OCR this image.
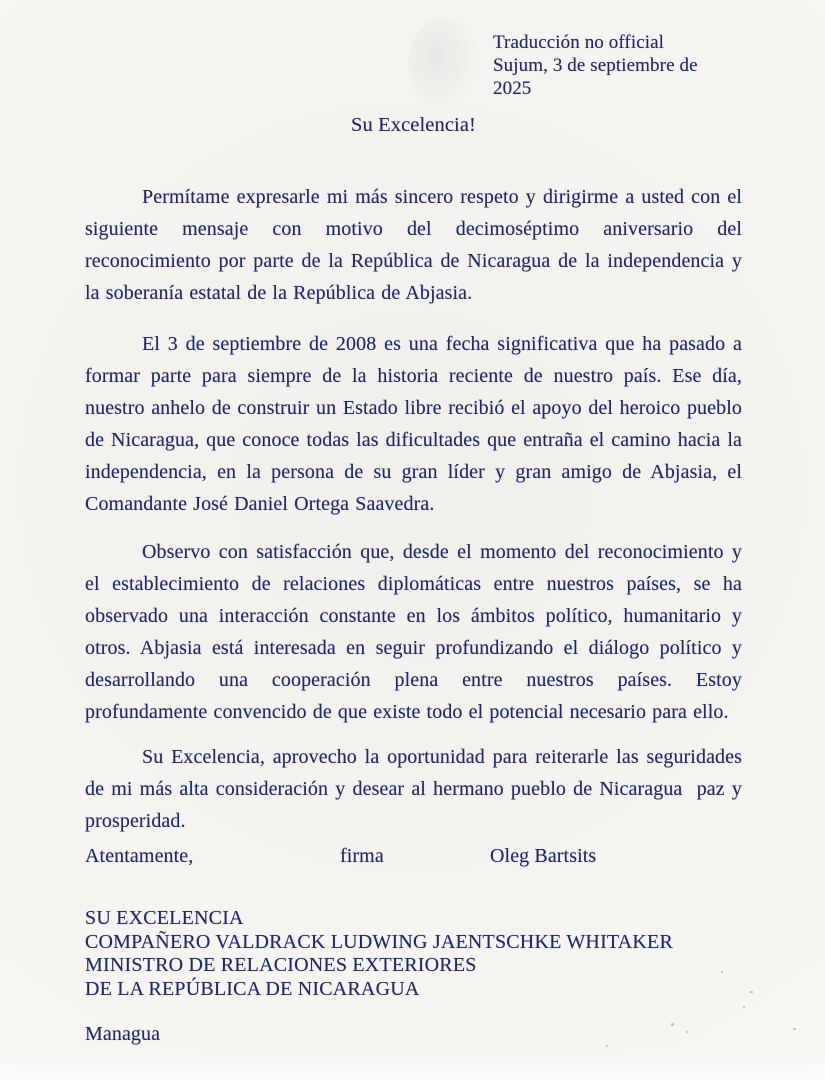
Traducción no official
Sujum, 3 de septiembre de
2025
Su Excelencia!

Permítame expresarle mi más sincero respeto y dirigirme a usted con el siguiente mensaje con motivo del decimoséptimo aniversario del reconocimiento por parte de la República de Nicaragua de la independencia y la soberanía estatal de la República de Abjasia.

El 3 de septiembre de 2008 es una fecha significativa que ha pasado a formar parte para siempre de la historia reciente de nuestro país. Ese día, nuestro anhelo de construir un Estado libre recibió el apoyo del heroico pueblo de Nicaragua, que conoce todas las dificultades que entraña el camino hacia la independencia, en la persona de su gran líder y gran amigo de Abjasia, el Comandante José Daniel Ortega Saavedra.

Observo con satisfacción que, desde el momento del reconocimiento y el establecimiento de relaciones diplomáticas entre nuestros países, se ha observado una interacción constante en los ámbitos político, humanitario y otros. Abjasia está interesada en seguir profundizando el diálogo político y desarrollando una cooperación plena entre nuestros países. Estoy profundamente convencido de que existe todo el potencial necesario para ello.

Su Excelencia, aprovecho la oportunidad para reiterarle las seguridades de mi más alta consideración y desear al hermano pueblo de Nicaragua  paz y prosperidad.

Atentamente,	firma	Oleg Bartsits
SU EXCELENCIA
COMPAÑERO VALDRACK LUDWING JAENTSCHKE WHITAKER
MINISTRO DE RELACIONES EXTERIORES
DE LA REPÚBLICA DE NICARAGUA
Managua
